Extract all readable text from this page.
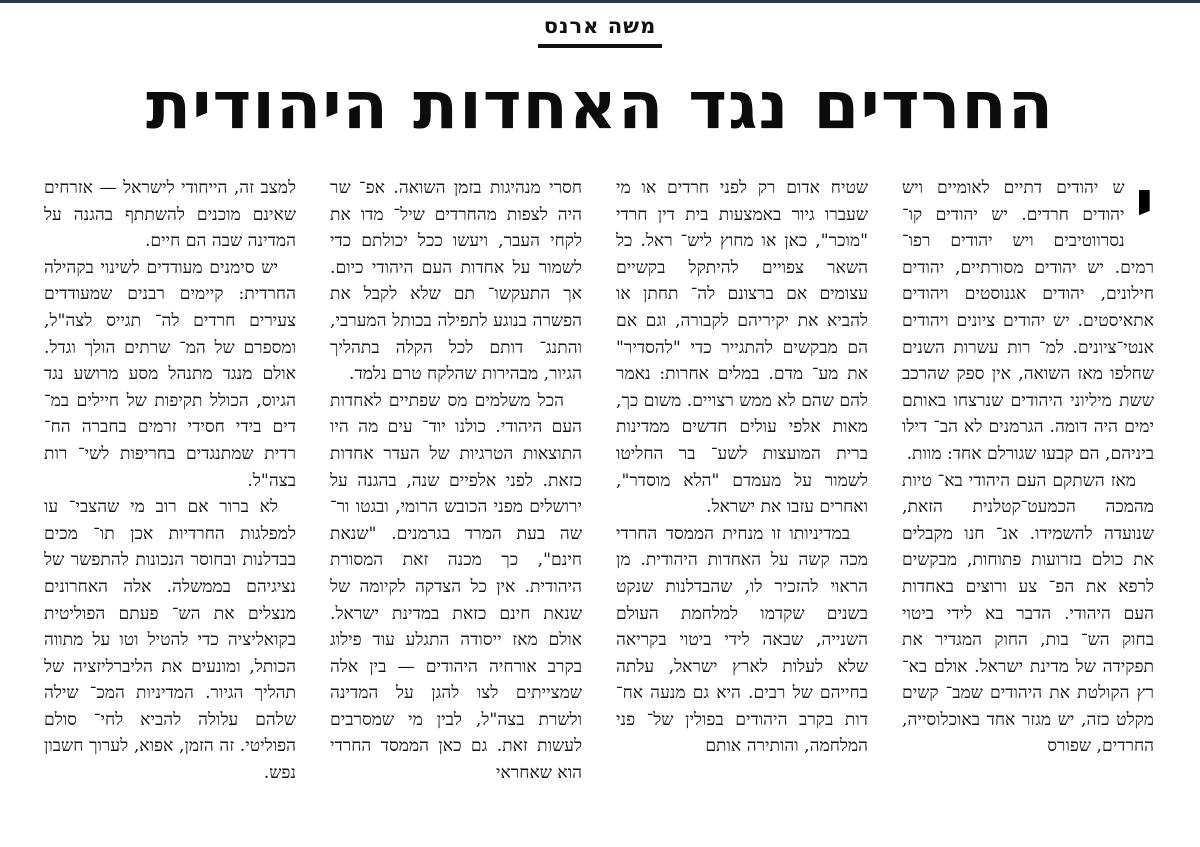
משה ארנס
החרדים נגד האחדות היהודית

י
ש יהודים דתיים לאומיים ויש יהודים חרדים. יש יהודים קו־ נסרווטיבים ויש יהודים רפו־ רמים. יש יהודים מסורתיים, יהודים חילונים, יהודים אגנוסטים ויהודים אתאיסטים. יש יהודים ציונים ויהודים אנטי־ציונים. למ־ רות עשרות השנים שחלפו מאז השואה, אין ספק שהרכב ששת מיליוני היהודים שנרצחו באותם ימים היה דומה. הגרמנים לא הב־ דילו ביניהם, הם קבעו שגורלם אחד: מוות.

מאז השתקם העם היהודי בא־ טיות מהמכה הכמעט־קטלנית הזאת, שנועדה להשמידו. אנ־ חנו מקבלים את כולם בזרועות פתוחות, מבקשים לרפא את הפ־ צע ורוצים באחדות העם היהודי. הדבר בא לידי ביטוי בחוק הש־ בות, החוק המגדיר את תפקידה של מדינת ישראל. אולם בא־ רץ הקולטת את היהודים שמב־ קשים מקלט כזה, יש מגזר אחד באוכלוסייה, החרדים, שפורס

שטיח אדום רק לפני חרדים או מי שעברו גיור באמצעות בית דין חרדי "מוכר", כאן או מחוץ ליש־ ראל. כל השאר צפויים להיתקל בקשיים עצומים אם ברצונם לה־ תחתן או להביא את יקיריהם לקבורה, וגם אם הם מבקשים להתגייר כדי "להסדיר" את מע־ מדם. במלים אחרות: נאמר להם שהם לא ממש רצויים. משום כך, מאות אלפי עולים חדשים ממדינות ברית המועצות לשע־ בר החליטו לשמור על מעמדם "הלא מוסדר", ואחרים עזבו את ישראל.

במדיניותו זו מנחית הממסד החרדי מכה קשה על האחדות היהודית. מן הראוי להזכיר לו, שהבדלנות שנקט בשנים שקדמו למלחמת העולם השנייה, שבאה לידי ביטוי בקריאה שלא לעלות לארץ ישראל, עלתה בחייהם של רבים. היא גם מנעה אח־ דות בקרב היהודים בפולין של־ פני המלחמה, והותירה אותם

חסרי מנהיגות בזמן השואה. אפ־ שר היה לצפות מהחרדים שיל־ מדו את לקחי העבר, ויעשו ככל יכולתם כדי לשמור על אחדות העם היהודי כיום. אך התעקשו־ תם שלא לקבל את הפשרה בנוגע לתפילה בכותל המערבי, והתנג־ דותם לכל הקלה בתהליך הגיור, מבהירות שהלקח טרם נלמד.

הכל משלמים מס שפתיים לאחדות העם היהודי. כולנו יוד־ עים מה היו התוצאות הטרגיות של העדר אחדות כזאת. לפני אלפיים שנה, בהגנה על ירושלים מפני הכובש הרומי, ובגטו ור־ שה בעת המרד בגרמנים. "שנאת חינם", כך מכנה זאת המסורת היהודית. אין כל הצדקה לקיומה של שנאת חינם כזאת במדינת ישראל. אולם מאז ייסודה התגלע עוד פילוג בקרב אורחיה היהודים — בין אלה שמצייתים לצו להגן על המדינה ולשרת בצה"ל, לבין מי שמסרבים לעשות זאת. גם כאן הממסד החרדי הוא שאחראי

למצב זה, הייחודי לישראל — אזרחים שאינם מוכנים להשתתף בהגנה על המדינה שבה הם חיים.

יש סימנים מעודדים לשינוי בקהילה החרדית: קיימים רבנים שמעודדים צעירים חרדים לה־ תגייס לצה"ל, ומספרם של המ־ שרתים הולך וגדל. אולם מנגד מתנהל מסע מרושע נגד הגיוס, הכולל תקיפות של חיילים במ־ דים בידי חסידי זרמים בחברה הח־ רדית שמתנגדים בחריפות לשי־ רות בצה"ל.

לא ברור אם רוב מי שהצבי־ עו למפלגות החרדיות אכן תו־ מכים בבדלנות ובחוסר הנכונות להתפשר של נציגיהם בממשלה. אלה האחרונים מנצלים את הש־ פעתם הפוליטית בקואליציה כדי להטיל וטו על מתווה הכותל, ומונעים את הליברליזציה של תהליך הגיור. המדיניות המכ־ שילה שלהם עלולה להביא לחי־ סולם הפוליטי. זה הזמן, אפוא, לערוך חשבון נפש.
